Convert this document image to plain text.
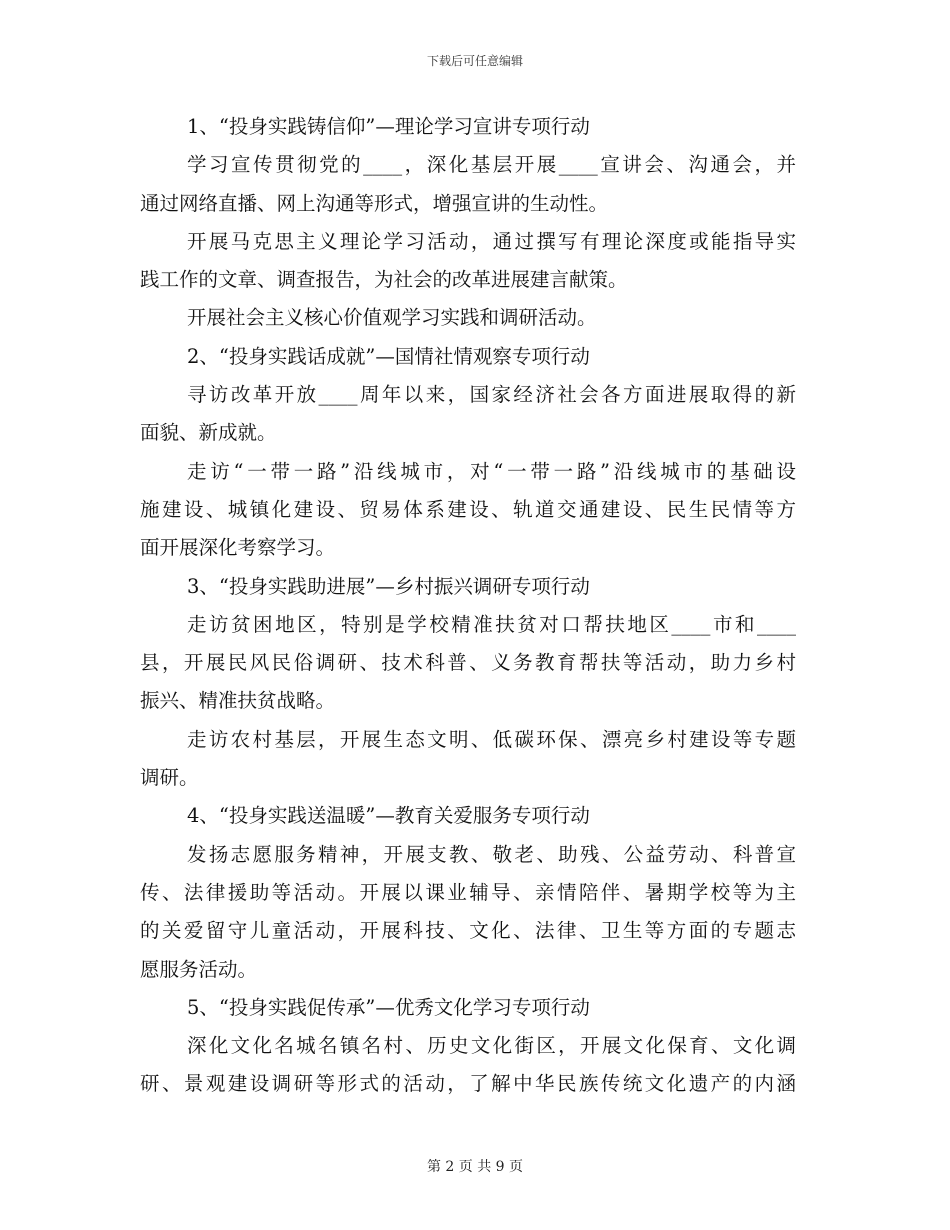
下载后可任意编辑

1、“投身实践铸信仰”—理论学习宣讲专项行动

学习宣传贯彻党的____，深化基层开展____宣讲会、沟通会，并

通过网络直播、网上沟通等形式，增强宣讲的生动性。

开展马克思主义理论学习活动，通过撰写有理论深度或能指导实

践工作的文章、调查报告，为社会的改革进展建言献策。

开展社会主义核心价值观学习实践和调研活动。

2、“投身实践话成就”—国情社情观察专项行动

寻访改革开放____周年以来，国家经济社会各方面进展取得的新

面貌、新成就。

走访“一带一路”沿线城市，对“一带一路”沿线城市的基础设

施建设、城镇化建设、贸易体系建设、轨道交通建设、民生民情等方

面开展深化考察学习。

3、“投身实践助进展”—乡村振兴调研专项行动

走访贫困地区，特别是学校精准扶贫对口帮扶地区____市和____

县，开展民风民俗调研、技术科普、义务教育帮扶等活动，助力乡村

振兴、精准扶贫战略。

走访农村基层，开展生态文明、低碳环保、漂亮乡村建设等专题

调研。

4、“投身实践送温暖”—教育关爱服务专项行动

发扬志愿服务精神，开展支教、敬老、助残、公益劳动、科普宣

传、法律援助等活动。开展以课业辅导、亲情陪伴、暑期学校等为主

的关爱留守儿童活动，开展科技、文化、法律、卫生等方面的专题志

愿服务活动。

5、“投身实践促传承”—优秀文化学习专项行动

深化文化名城名镇名村、历史文化街区，开展文化保育、文化调

研、景观建设调研等形式的活动，了解中华民族传统文化遗产的内涵

第 2 页 共 9 页
